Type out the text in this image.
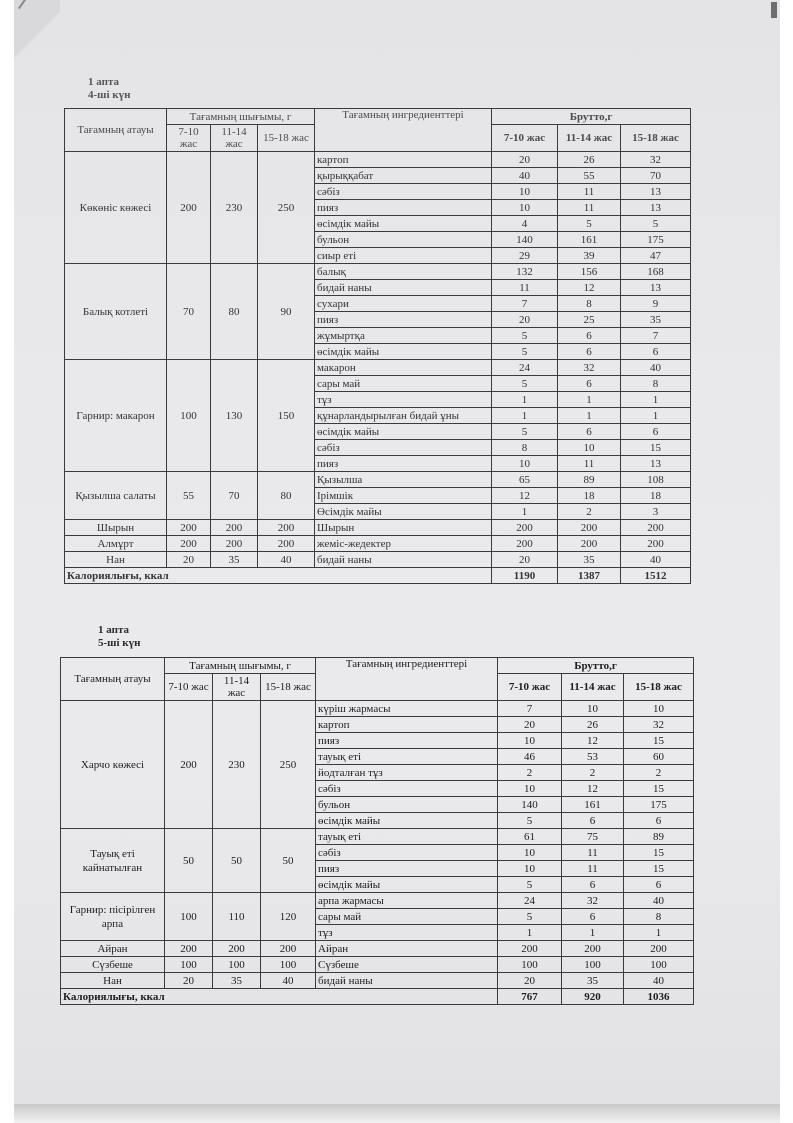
1 апта
4-ші күн
Тағамның атауы	Тағамның шығымы, г			Тағамның ингредиенттері	Брутто,г		
	7-10 жас	11-14 жас	15-18 жас		7-10 жас	11-14 жас	15-18 жас
Көкөніс көжесі	200	230	250	картоп	20	26	32
				қырыққабат	40	55	70
				сәбіз	10	11	13
				пияз	10	11	13
				өсімдік майы	4	5	5
				бульон	140	161	175
				сиыр еті	29	39	47
Балық котлеті	70	80	90	балық	132	156	168
				бидай наны	11	12	13
				сухари	7	8	9
				пияз	20	25	35
				жұмыртқа	5	6	7
				өсімдік майы	5	6	6
Гарнир: макарон	100	130	150	макарон	24	32	40
				сары май	5	6	8
				тұз	1	1	1
				құнарландырылған бидай ұны	1	1	1
				өсімдік майы	5	6	6
				сәбіз	8	10	15
				пияз	10	11	13
Қызылша салаты	55	70	80	Қызылша	65	89	108
				Ірімшік	12	18	18
				Өсімдік майы	1	2	3
Шырын	200	200	200	Шырын	200	200	200
Алмұрт	200	200	200	жеміс-жедектер	200	200	200
Нан	20	35	40	бидай наны	20	35	40
Калориялығы, ккал					1190	1387	1512
1 апта
5-ші күн
Тағамның атауы	Тағамның шығымы, г			Тағамның ингредиенттері	Брутто,г		
	7-10 жас	11-14 жас	15-18 жас		7-10 жас	11-14 жас	15-18 жас
Харчо көжесі	200	230	250	күріш жармасы	7	10	10
				картоп	20	26	32
				пияз	10	12	15
				тауық еті	46	53	60
				йодталған тұз	2	2	2
				сәбіз	10	12	15
				бульон	140	161	175
				өсімдік майы	5	6	6
Тауық еті кайнатылған	50	50	50	тауық еті	61	75	89
				сәбіз	10	11	15
				пияз	10	11	15
				өсімдік майы	5	6	6
Гарнир: пісірілген арпа	100	110	120	арпа жармасы	24	32	40
				сары май	5	6	8
				тұз	1	1	1
Айран	200	200	200	Айран	200	200	200
Сүзбеше	100	100	100	Сүзбеше	100	100	100
Нан	20	35	40	бидай наны	20	35	40
Калориялығы, ккал					767	920	1036
